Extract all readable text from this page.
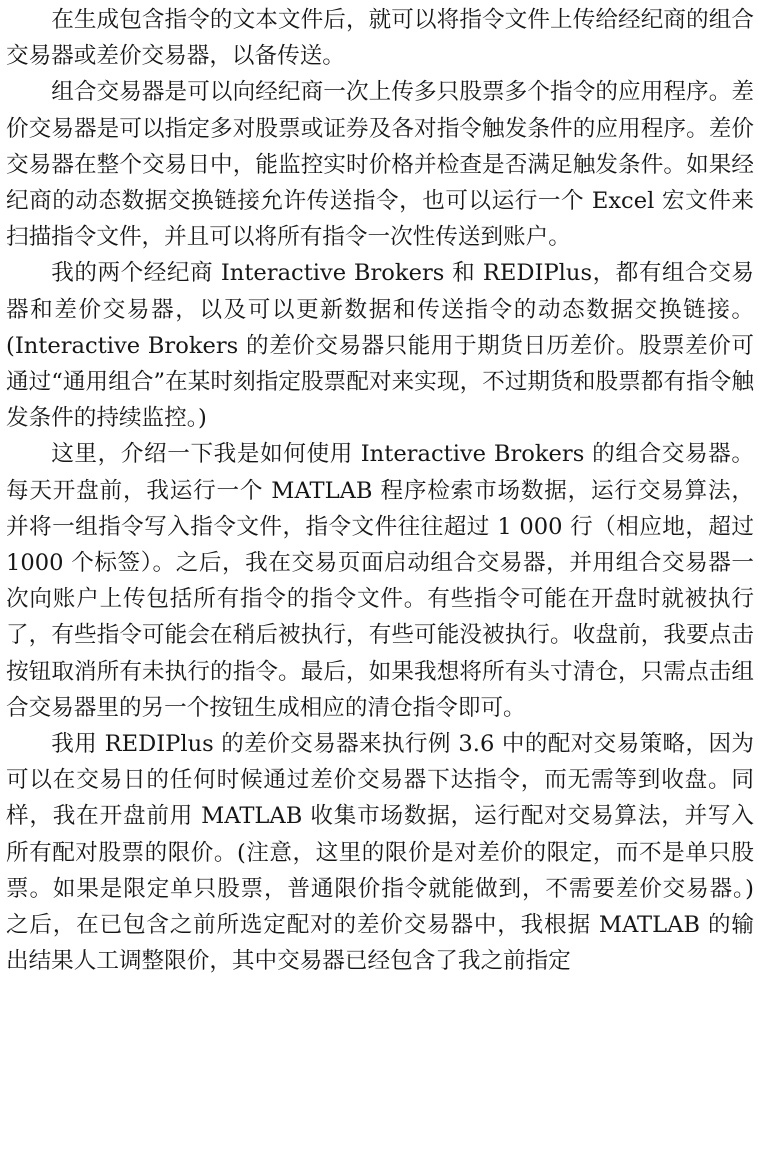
在生成包含指令的文本文件后，就可以将指令文件上传给经纪商的组合交易器或差价交易器，以备传送。

组合交易器是可以向经纪商一次上传多只股票多个指令的应用程序。差价交易器是可以指定多对股票或证券及各对指令触发条件的应用程序。差价交易器在整个交易日中，能监控实时价格并检查是否满足触发条件。如果经纪商的动态数据交换链接允许传送指令，也可以运行一个 Excel 宏文件来扫描指令文件，并且可以将所有指令一次性传送到账户。

我的两个经纪商 Interactive Brokers 和 REDIPlus，都有组合交易器和差价交易器，以及可以更新数据和传送指令的动态数据交换链接。(Interactive Brokers 的差价交易器只能用于期货日历差价。股票差价可通过“通用组合”在某时刻指定股票配对来实现，不过期货和股票都有指令触发条件的持续监控。)

这里，介绍一下我是如何使用 Interactive Brokers 的组合交易器。每天开盘前，我运行一个 MATLAB 程序检索市场数据，运行交易算法，并将一组指令写入指令文件，指令文件往往超过 1 000 行（相应地，超过 1000 个标签）。之后，我在交易页面启动组合交易器，并用组合交易器一次向账户上传包括所有指令的指令文件。有些指令可能在开盘时就被执行了，有些指令可能会在稍后被执行，有些可能没被执行。收盘前，我要点击按钮取消所有未执行的指令。最后，如果我想将所有头寸清仓，只需点击组合交易器里的另一个按钮生成相应的清仓指令即可。

我用 REDIPlus 的差价交易器来执行例 3.6 中的配对交易策略，因为可以在交易日的任何时候通过差价交易器下达指令，而无需等到收盘。同样，我在开盘前用 MATLAB 收集市场数据，运行配对交易算法，并写入所有配对股票的限价。(注意，这里的限价是对差价的限定，而不是单只股票。如果是限定单只股票，普通限价指令就能做到，不需要差价交易器。) 之后，在已包含之前所选定配对的差价交易器中，我根据 MATLAB 的输出结果人工调整限价，其中交易器已经包含了我之前指定
